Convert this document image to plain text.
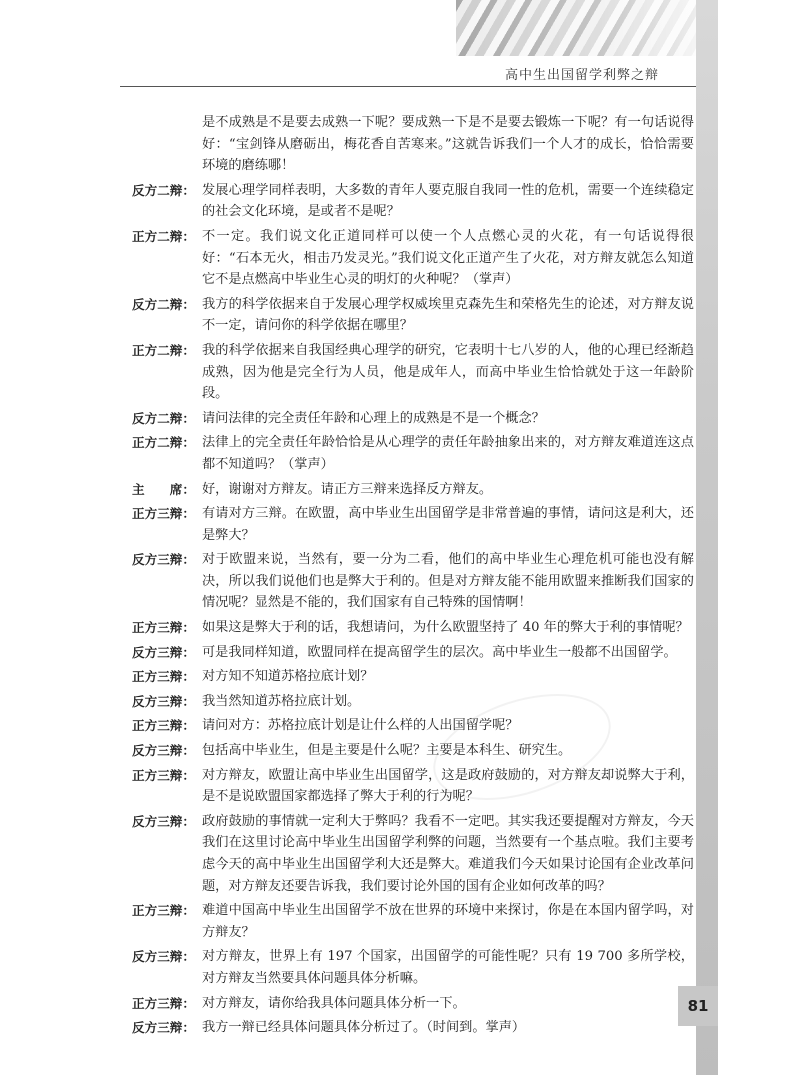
高中生出国留学利弊之辩
是不成熟是不是要去成熟一下呢？要成熟一下是不是要去锻炼一下呢？有一句话说得好：“宝剑锋从磨砺出，梅花香自苦寒来。”这就告诉我们一个人才的成长，恰恰需要环境的磨练哪！
反方二辩： 发展心理学同样表明，大多数的青年人要克服自我同一性的危机，需要一个连续稳定的社会文化环境，是或者不是呢？
正方二辩： 不一定。我们说文化正道同样可以使一个人点燃心灵的火花，有一句话说得很好：“石本无火，相击乃发灵光。”我们说文化正道产生了火花，对方辩友就怎么知道它不是点燃高中毕业生心灵的明灯的火种呢？（掌声）
反方二辩： 我方的科学依据来自于发展心理学权威埃里克森先生和荣格先生的论述，对方辩友说不一定，请问你的科学依据在哪里？
正方二辩： 我的科学依据来自我国经典心理学的研究，它表明十七八岁的人，他的心理已经渐趋成熟，因为他是完全行为人员，他是成年人，而高中毕业生恰恰就处于这一年龄阶段。
反方二辩： 请问法律的完全责任年龄和心理上的成熟是不是一个概念？
正方二辩： 法律上的完全责任年龄恰恰是从心理学的责任年龄抽象出来的，对方辩友难道连这点都不知道吗？（掌声）
主　　席： 好，谢谢对方辩友。请正方三辩来选择反方辩友。
正方三辩： 有请对方三辩。在欧盟，高中毕业生出国留学是非常普遍的事情，请问这是利大，还是弊大？
反方三辩： 对于欧盟来说，当然有，要一分为二看，他们的高中毕业生心理危机可能也没有解决，所以我们说他们也是弊大于利的。但是对方辩友能不能用欧盟来推断我们国家的情况呢？显然是不能的，我们国家有自己特殊的国情啊！
正方三辩： 如果这是弊大于利的话，我想请问，为什么欧盟坚持了 40 年的弊大于利的事情呢？
反方三辩： 可是我同样知道，欧盟同样在提高留学生的层次。高中毕业生一般都不出国留学。
正方三辩： 对方知不知道苏格拉底计划？
反方三辩： 我当然知道苏格拉底计划。
正方三辩： 请问对方：苏格拉底计划是让什么样的人出国留学呢？
反方三辩： 包括高中毕业生，但是主要是什么呢？主要是本科生、研究生。
正方三辩： 对方辩友，欧盟让高中毕业生出国留学，这是政府鼓励的，对方辩友却说弊大于利，是不是说欧盟国家都选择了弊大于利的行为呢？
反方三辩： 政府鼓励的事情就一定利大于弊吗？我看不一定吧。其实我还要提醒对方辩友，今天我们在这里讨论高中毕业生出国留学利弊的问题，当然要有一个基点啦。我们主要考虑今天的高中毕业生出国留学利大还是弊大。难道我们今天如果讨论国有企业改革问题，对方辩友还要告诉我，我们要讨论外国的国有企业如何改革的吗？
正方三辩： 难道中国高中毕业生出国留学不放在世界的环境中来探讨，你是在本国内留学吗，对方辩友？
反方三辩： 对方辩友，世界上有 197 个国家，出国留学的可能性呢？只有 19 700 多所学校，对方辩友当然要具体问题具体分析嘛。
正方三辩： 对方辩友，请你给我具体问题具体分析一下。
反方三辩： 我方一辩已经具体问题具体分析过了。（时间到。掌声）
81
